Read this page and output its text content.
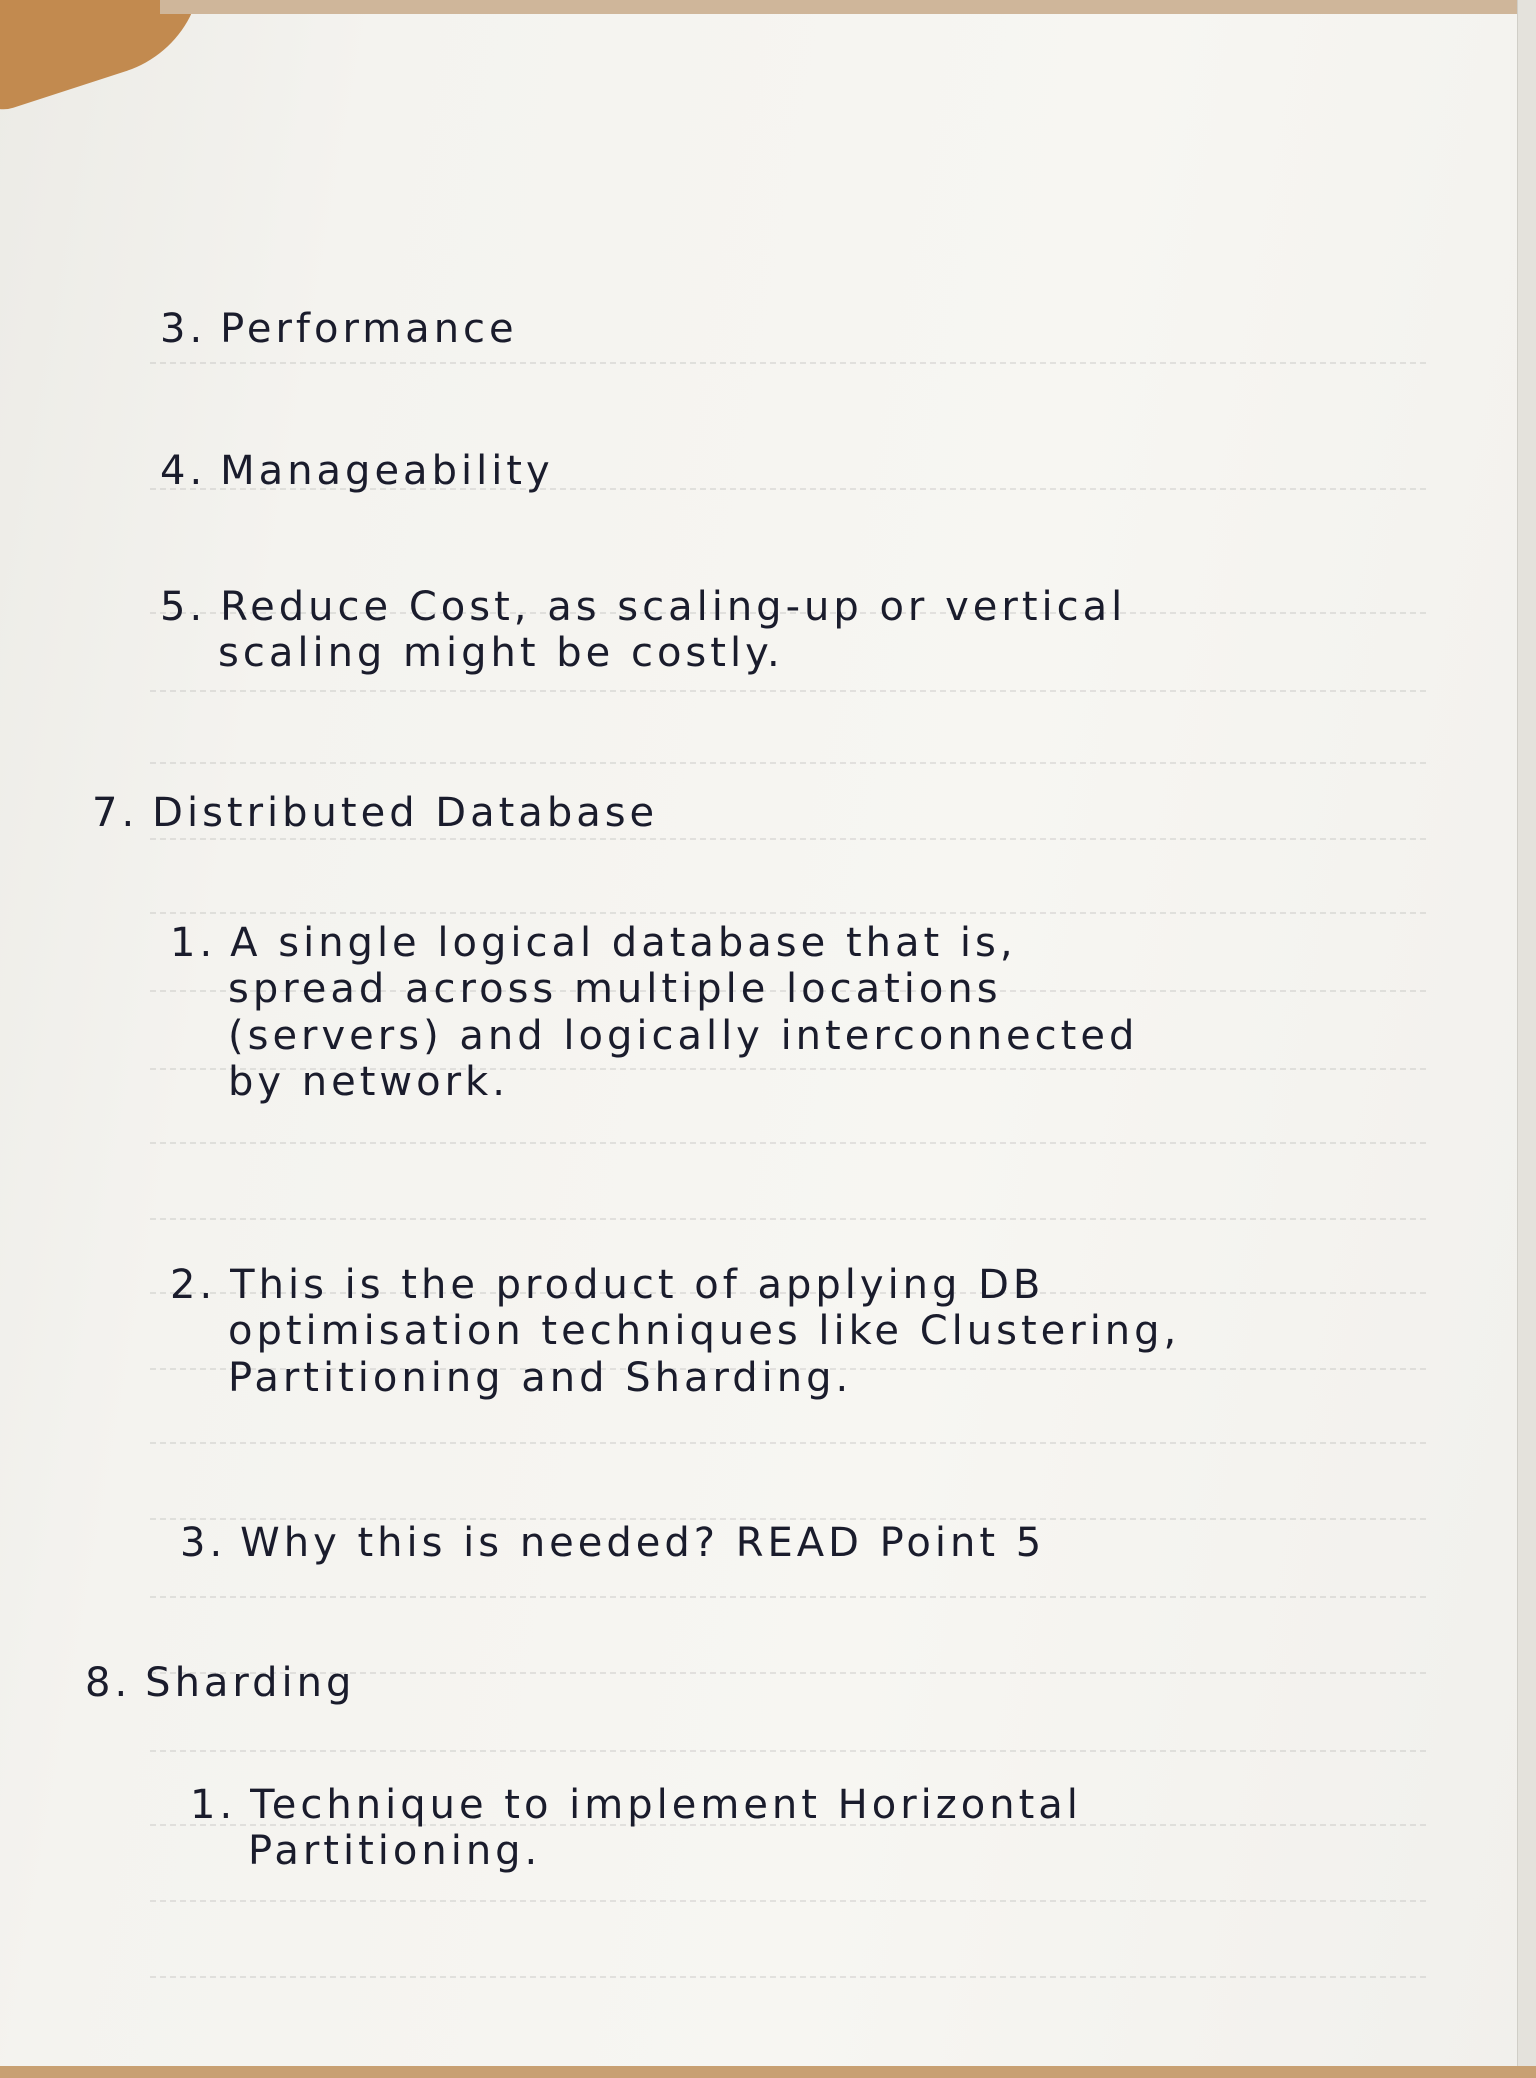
3. Performance

4. Manageability

5. Reduce Cost, as scaling-up or vertical
scaling might be costly.

7. Distributed Database

1. A single logical database that is,
spread across multiple locations
(servers) and logically interconnected
by network.

2. This is the product of applying DB
optimisation techniques like Clustering,
Partitioning and Sharding.

3. Why this is needed? READ Point 5

8. Sharding

1. Technique to implement Horizontal
Partitioning.
